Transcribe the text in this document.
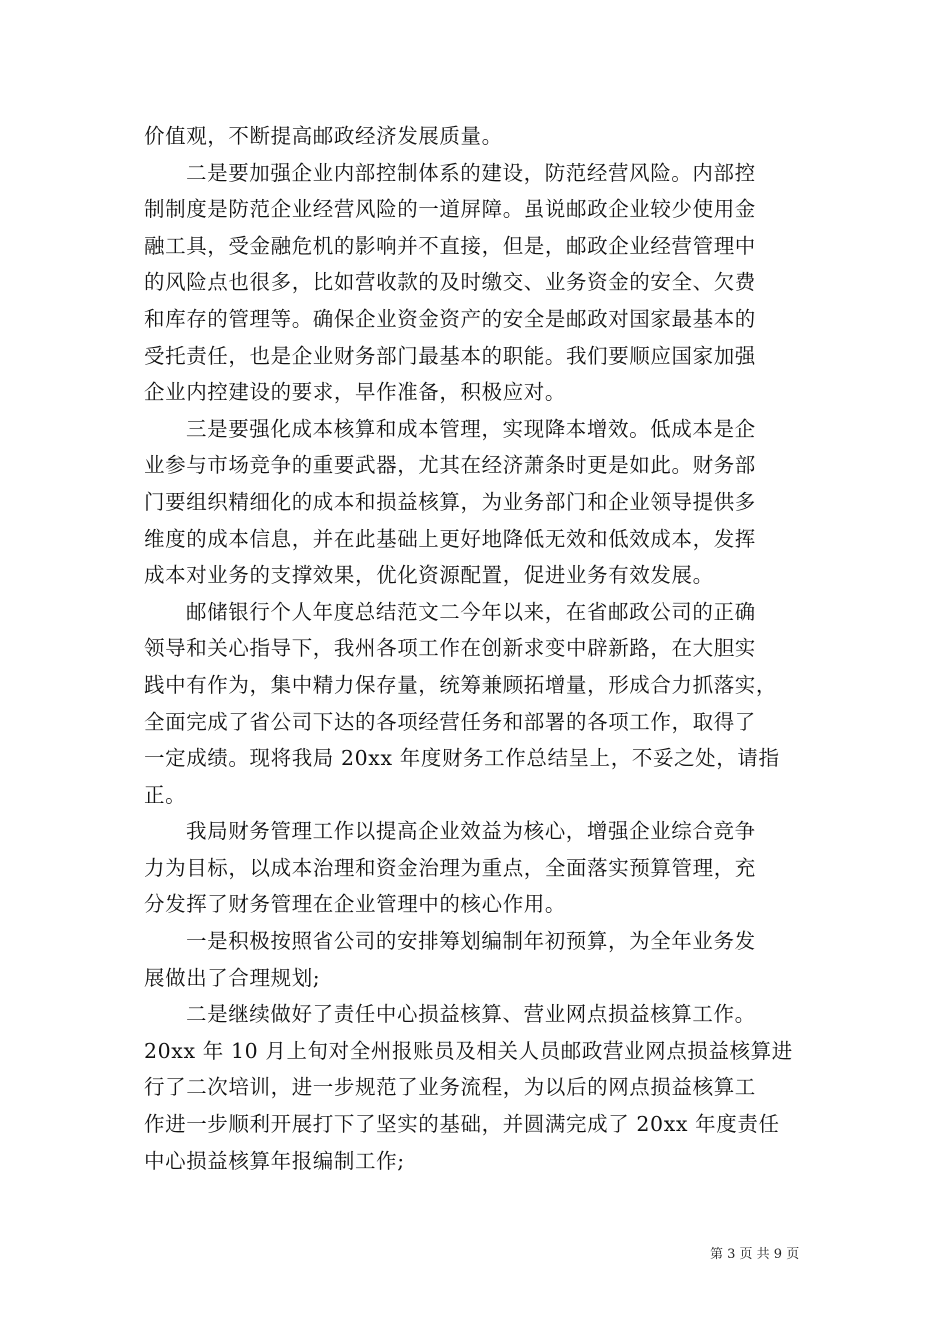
价值观，不断提高邮政经济发展质量。
二是要加强企业内部控制体系的建设，防范经营风险。内部控
制制度是防范企业经营风险的一道屏障。虽说邮政企业较少使用金
融工具，受金融危机的影响并不直接，但是，邮政企业经营管理中
的风险点也很多，比如营收款的及时缴交、业务资金的安全、欠费
和库存的管理等。确保企业资金资产的安全是邮政对国家最基本的
受托责任，也是企业财务部门最基本的职能。我们要顺应国家加强
企业内控建设的要求，早作准备，积极应对。
三是要强化成本核算和成本管理，实现降本增效。低成本是企
业参与市场竞争的重要武器，尤其在经济萧条时更是如此。财务部
门要组织精细化的成本和损益核算，为业务部门和企业领导提供多
维度的成本信息，并在此基础上更好地降低无效和低效成本，发挥
成本对业务的支撑效果，优化资源配置，促进业务有效发展。
邮储银行个人年度总结范文二今年以来，在省邮政公司的正确
领导和关心指导下，我州各项工作在创新求变中辟新路，在大胆实
践中有作为，集中精力保存量，统筹兼顾拓增量，形成合力抓落实，
全面完成了省公司下达的各项经营任务和部署的各项工作，取得了
一定成绩。现将我局 20xx 年度财务工作总结呈上，不妥之处，请指
正。
我局财务管理工作以提高企业效益为核心，增强企业综合竞争
力为目标，以成本治理和资金治理为重点，全面落实预算管理，充
分发挥了财务管理在企业管理中的核心作用。
一是积极按照省公司的安排筹划编制年初预算，为全年业务发
展做出了合理规划;
二是继续做好了责任中心损益核算、营业网点损益核算工作。
20xx 年 10 月上旬对全州报账员及相关人员邮政营业网点损益核算进
行了二次培训，进一步规范了业务流程，为以后的网点损益核算工
作进一步顺利开展打下了坚实的基础，并圆满完成了 20xx 年度责任
中心损益核算年报编制工作;
第 3 页 共 9 页
